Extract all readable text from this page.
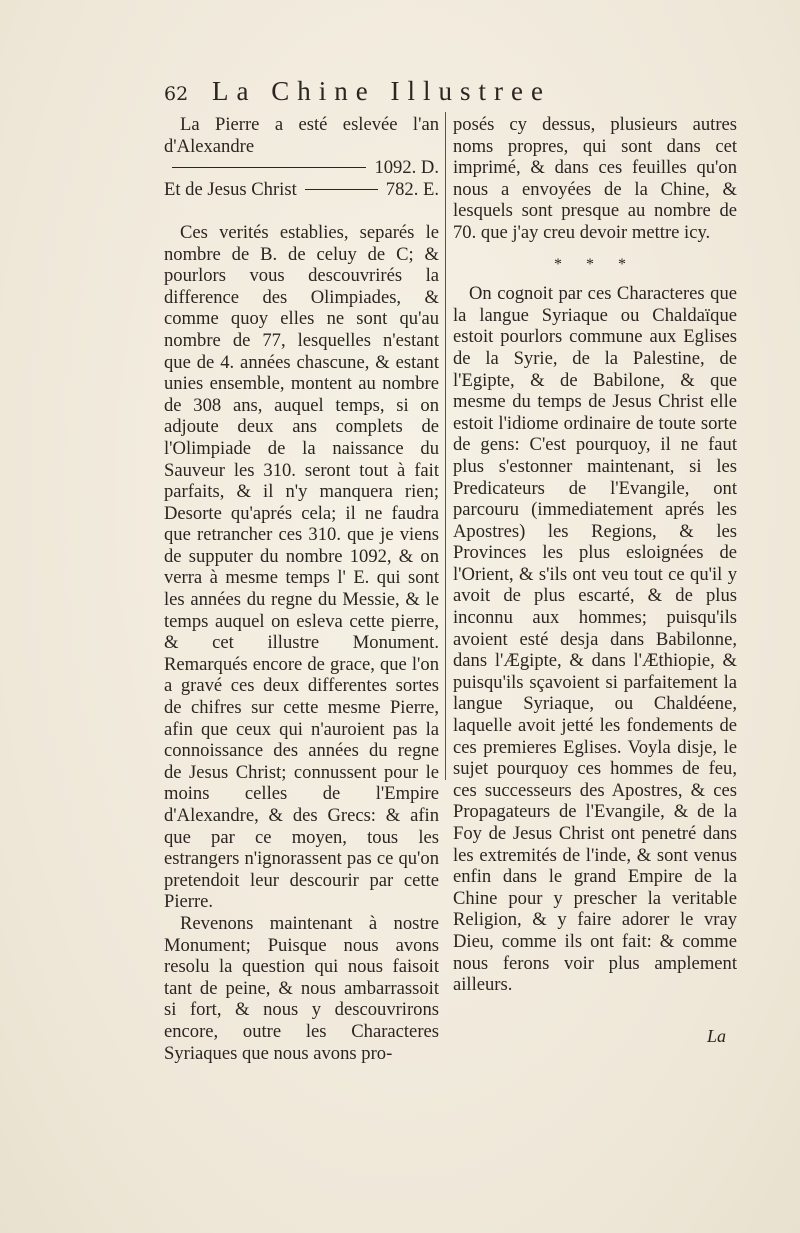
62 La Chine Illustree
La Pierre a esté eslevée l'an d'Alexandre
1092. D.
Et de Jesus Christ	782. E.

Ces verités establies, separés le nombre de B. de celuy de C; & pourlors vous descouvrirés la difference des Olimpiades, & comme quoy elles ne sont qu'au nombre de 77, lesquelles n'estant que de 4. années chascune, & estant unies ensemble, montent au nombre de 308 ans, auquel temps, si on adjoute deux ans complets de l'Olimpiade de la naissance du Sauveur les 310. seront tout à fait parfaits, & il n'y manquera rien; Desorte qu'aprés cela; il ne faudra que retrancher ces 310. que je viens de supputer du nombre 1092, & on verra à mesme temps l' E. qui sont les années du regne du Messie, & le temps auquel on esleva cette pierre, & cet illustre Monument. Remarqués encore de grace, que l'on a gravé ces deux differentes sortes de chifres sur cette mesme Pierre, afin que ceux qui n'auroient pas la connoissance des années du regne de Jesus Christ; connussent pour le moins celles de l'Empire d'Alexandre, & des Grecs: & afin que par ce moyen, tous les estrangers n'ignorassent pas ce qu'on pretendoit leur descourir par cette Pierre.

Revenons maintenant à nostre Monument; Puisque nous avons resolu la question qui nous faisoit tant de peine, & nous ambarrassoit si fort, & nous y descouvrirons encore, outre les Characteres Syriaques que nous avons pro-

posés cy dessus, plusieurs autres noms propres, qui sont dans cet imprimé, & dans ces feuilles qu'on nous a envoyées de la Chine, & lesquels sont presque au nombre de 70. que j'ay creu devoir mettre icy.

* * *

On cognoit par ces Characteres que la langue Syriaque ou Chaldaïque estoit pourlors commune aux Eglises de la Syrie, de la Palestine, de l'Egipte, & de Babilone, & que mesme du temps de Jesus Christ elle estoit l'idiome ordinaire de toute sorte de gens: C'est pourquoy, il ne faut plus s'estonner maintenant, si les Predicateurs de l'Evangile, ont parcouru (immediatement aprés les Apostres) les Regions, & les Provinces les plus esloignées de l'Orient, & s'ils ont veu tout ce qu'il y avoit de plus escarté, & de plus inconnu aux hommes; puisqu'ils avoient esté desja dans Babilonne, dans l'Ægipte, & dans l'Æthiopie, & puisqu'ils sçavoient si parfaitement la langue Syriaque, ou Chaldéene, laquelle avoit jetté les fondements de ces premieres Eglises. Voyla disje, le sujet pourquoy ces hommes de feu, ces successeurs des Apostres, & ces Propagateurs de l'Evangile, & de la Foy de Jesus Christ ont penetré dans les extremités de l'inde, & sont venus enfin dans le grand Empire de la Chine pour y prescher la veritable Religion, & y faire adorer le vray Dieu, comme ils ont fait: & comme nous ferons voir plus amplement ailleurs.

La
